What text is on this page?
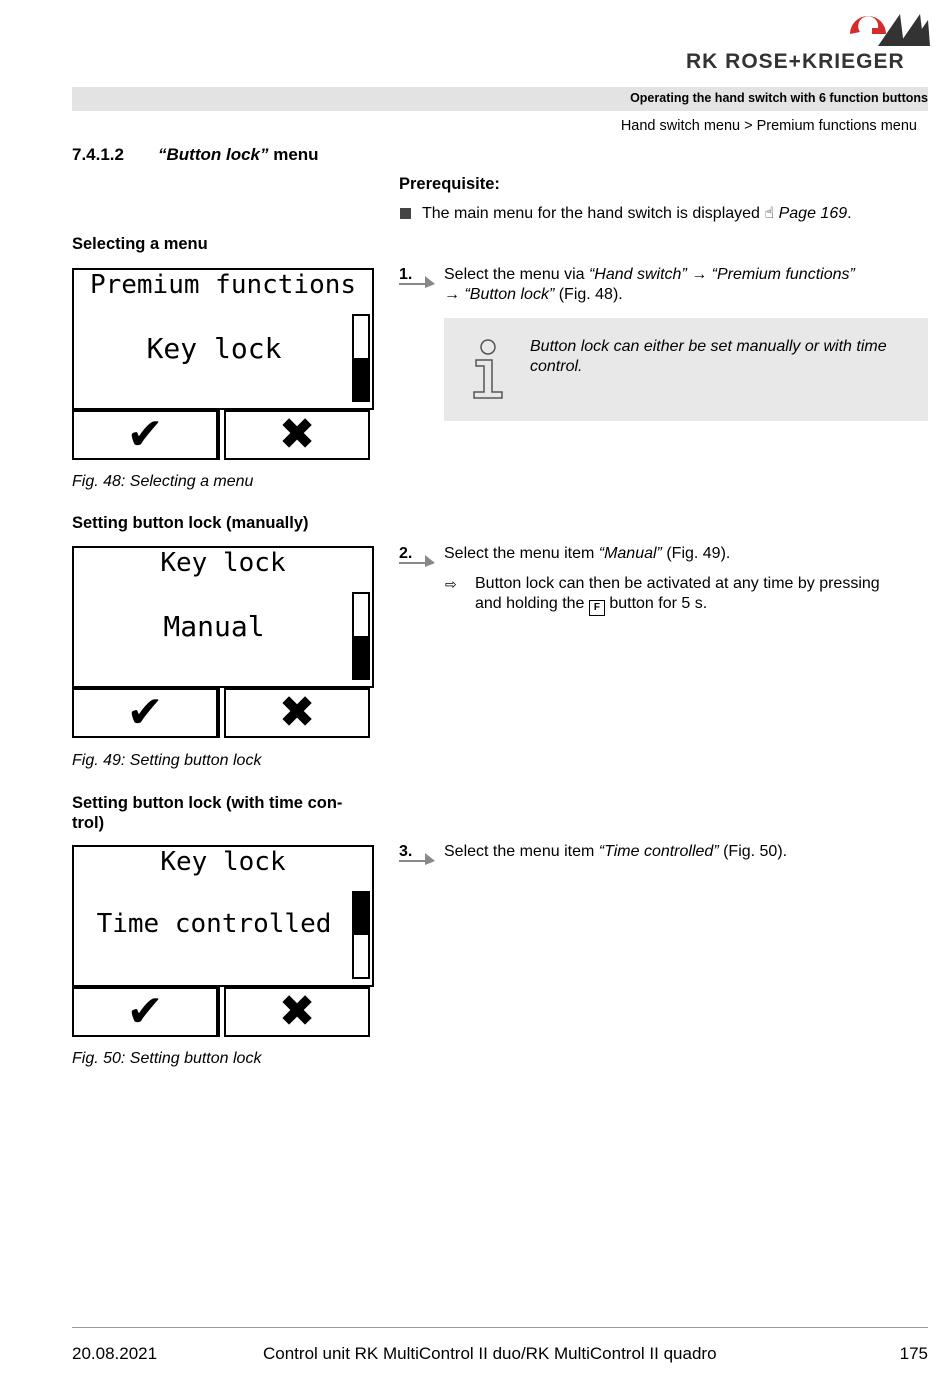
RK ROSE+KRIEGER
Operating the hand switch with 6 function buttons
Hand switch menu > Premium functions menu
7.4.1.2 “Button lock” menu
Prerequisite:
The main menu for the hand switch is displayed ☝ Page 169.
Selecting a menu
Premium functions
Key lock
✔	✖
Fig. 48: Selecting a menu
Setting button lock (manually)
Key lock
Manual
✔	✖
Fig. 49: Setting button lock
Setting button lock (with time con-
trol)
Key lock
Time controlled
✔	✖
Fig. 50: Setting button lock
1. Select the menu via “Hand switch” → “Premium functions”
→ “Button lock” (Fig. 48).
Button lock can either be set manually or with time control.
2. Select the menu item “Manual” (Fig. 49).
⇨ Button lock can then be activated at any time by pressing
and holding the F button for 5 s.
3. Select the menu item “Time controlled” (Fig. 50).
20.08.2021	Control unit RK MultiControl II duo/RK MultiControl II quadro	175
